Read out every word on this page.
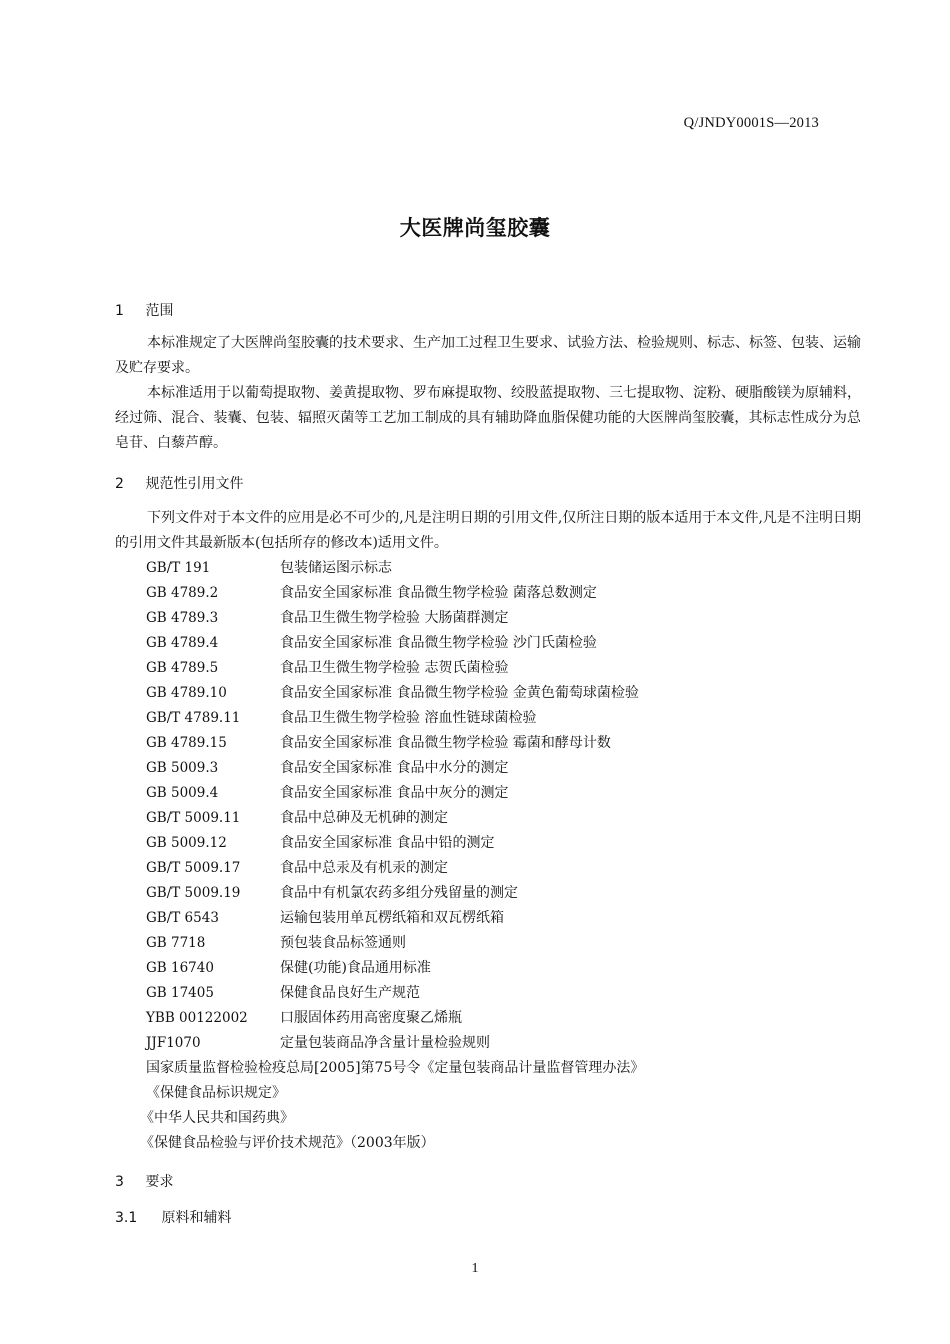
Q/JNDY0001S—2013
大医牌尚玺胶囊
1 范围

本标准规定了大医牌尚玺胶囊的技术要求、生产加工过程卫生要求、试验方法、检验规则、标志、标签、包装、运输及贮存要求。

本标准适用于以葡萄提取物、姜黄提取物、罗布麻提取物、绞股蓝提取物、三七提取物、淀粉、硬脂酸镁为原辅料，经过筛、混合、装囊、包装、辐照灭菌等工艺加工制成的具有辅助降血脂保健功能的大医牌尚玺胶囊，其标志性成分为总皂苷、白藜芦醇。

2 规范性引用文件

下列文件对于本文件的应用是必不可少的,凡是注明日期的引用文件,仅所注日期的版本适用于本文件,凡是不注明日期的引用文件其最新版本(包括所存的修改本)适用文件。

GB/T 191	包装储运图示标志
GB 4789.2	食品安全国家标准 食品微生物学检验 菌落总数测定
GB 4789.3	食品卫生微生物学检验 大肠菌群测定
GB 4789.4	食品安全国家标准 食品微生物学检验 沙门氏菌检验
GB 4789.5	食品卫生微生物学检验 志贺氏菌检验
GB 4789.10	食品安全国家标准 食品微生物学检验 金黄色葡萄球菌检验
GB/T 4789.11	食品卫生微生物学检验 溶血性链球菌检验
GB 4789.15	食品安全国家标准 食品微生物学检验 霉菌和酵母计数
GB 5009.3	食品安全国家标准 食品中水分的测定
GB 5009.4	食品安全国家标准 食品中灰分的测定
GB/T 5009.11	食品中总砷及无机砷的测定
GB 5009.12	食品安全国家标准 食品中铅的测定
GB/T 5009.17	食品中总汞及有机汞的测定
GB/T 5009.19	食品中有机氯农药多组分残留量的测定
GB/T 6543	运输包装用单瓦楞纸箱和双瓦楞纸箱
GB 7718	预包装食品标签通则
GB 16740	保健(功能)食品通用标准
GB 17405	保健食品良好生产规范
YBB 00122002 口服固体药用高密度聚乙烯瓶
JJF1070	定量包装商品净含量计量检验规则
国家质量监督检验检疫总局[2005]第75号令《定量包装商品计量监督管理办法》
《保健食品标识规定》
《中华人民共和国药典》
《保健食品检验与评价技术规范》（2003年版）
3 要求
3.1 原料和辅料
1
